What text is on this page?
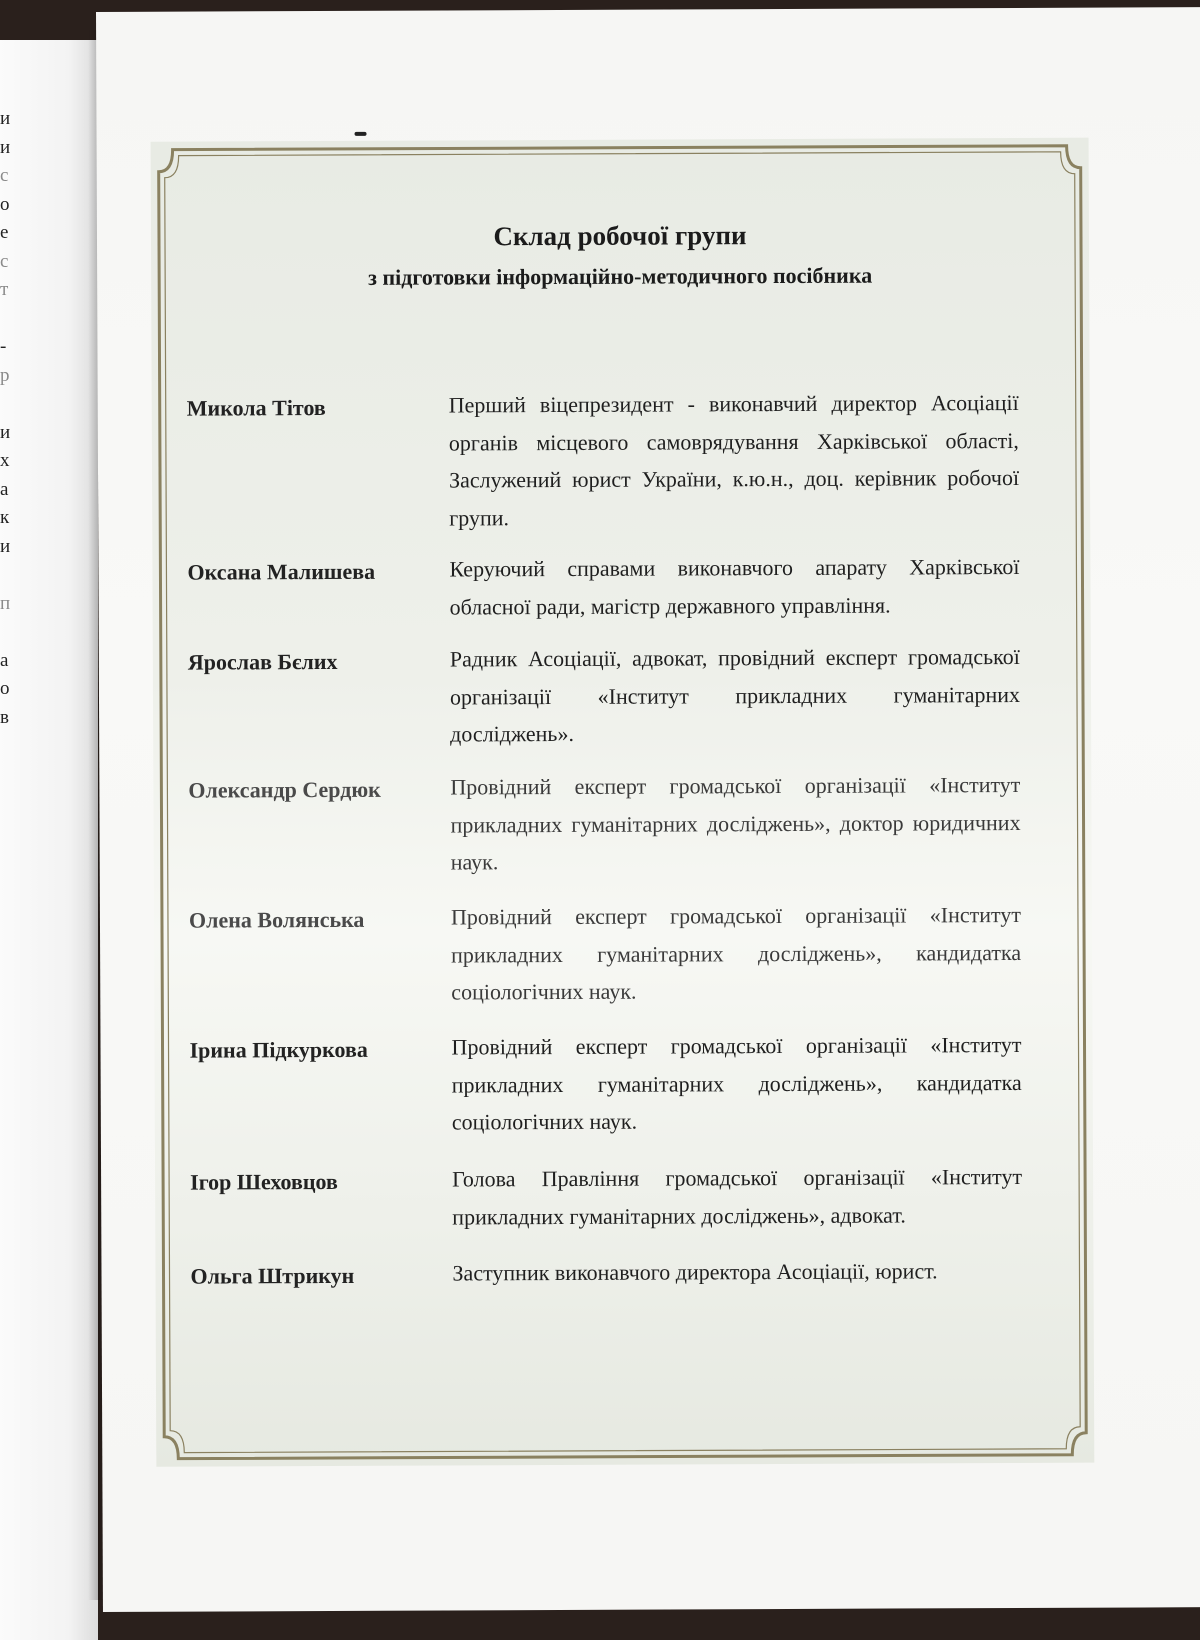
и
и
с
о
е
с
т
-
р
и
х
а
к
и
п
а
о
в
Склад робочої групи
з підготовки інформаційно-методичного посібника
Микола Тітов	Перший віцепрезидент - виконавчий директор Асоціації органів місцевого самоврядування Харківської області, Заслужений юрист України, к.ю.н., доц. керівник робочої групи.
Оксана Малишева	Керуючий справами виконавчого апарату Харківської обласної ради, магістр державного управління.
Ярослав Бєлих	Радник Асоціації, адвокат, провідний експерт громадської організації «Інститут прикладних гуманітарних досліджень».
Олександр Сердюк	Провідний експерт громадської організації «Інститут прикладних гуманітарних досліджень», доктор юридичних наук.
Олена Волянська	Провідний експерт громадської організації «Інститут прикладних гуманітарних досліджень», кандидатка соціологічних наук.
Ірина Підкуркова	Провідний експерт громадської організації «Інститут прикладних гуманітарних досліджень», кандидатка соціологічних наук.
Ігор Шеховцов	Голова Правління громадської організації «Інститут прикладних гуманітарних досліджень», адвокат.
Ольга Штрикун	Заступник виконавчого директора Асоціації, юрист.
